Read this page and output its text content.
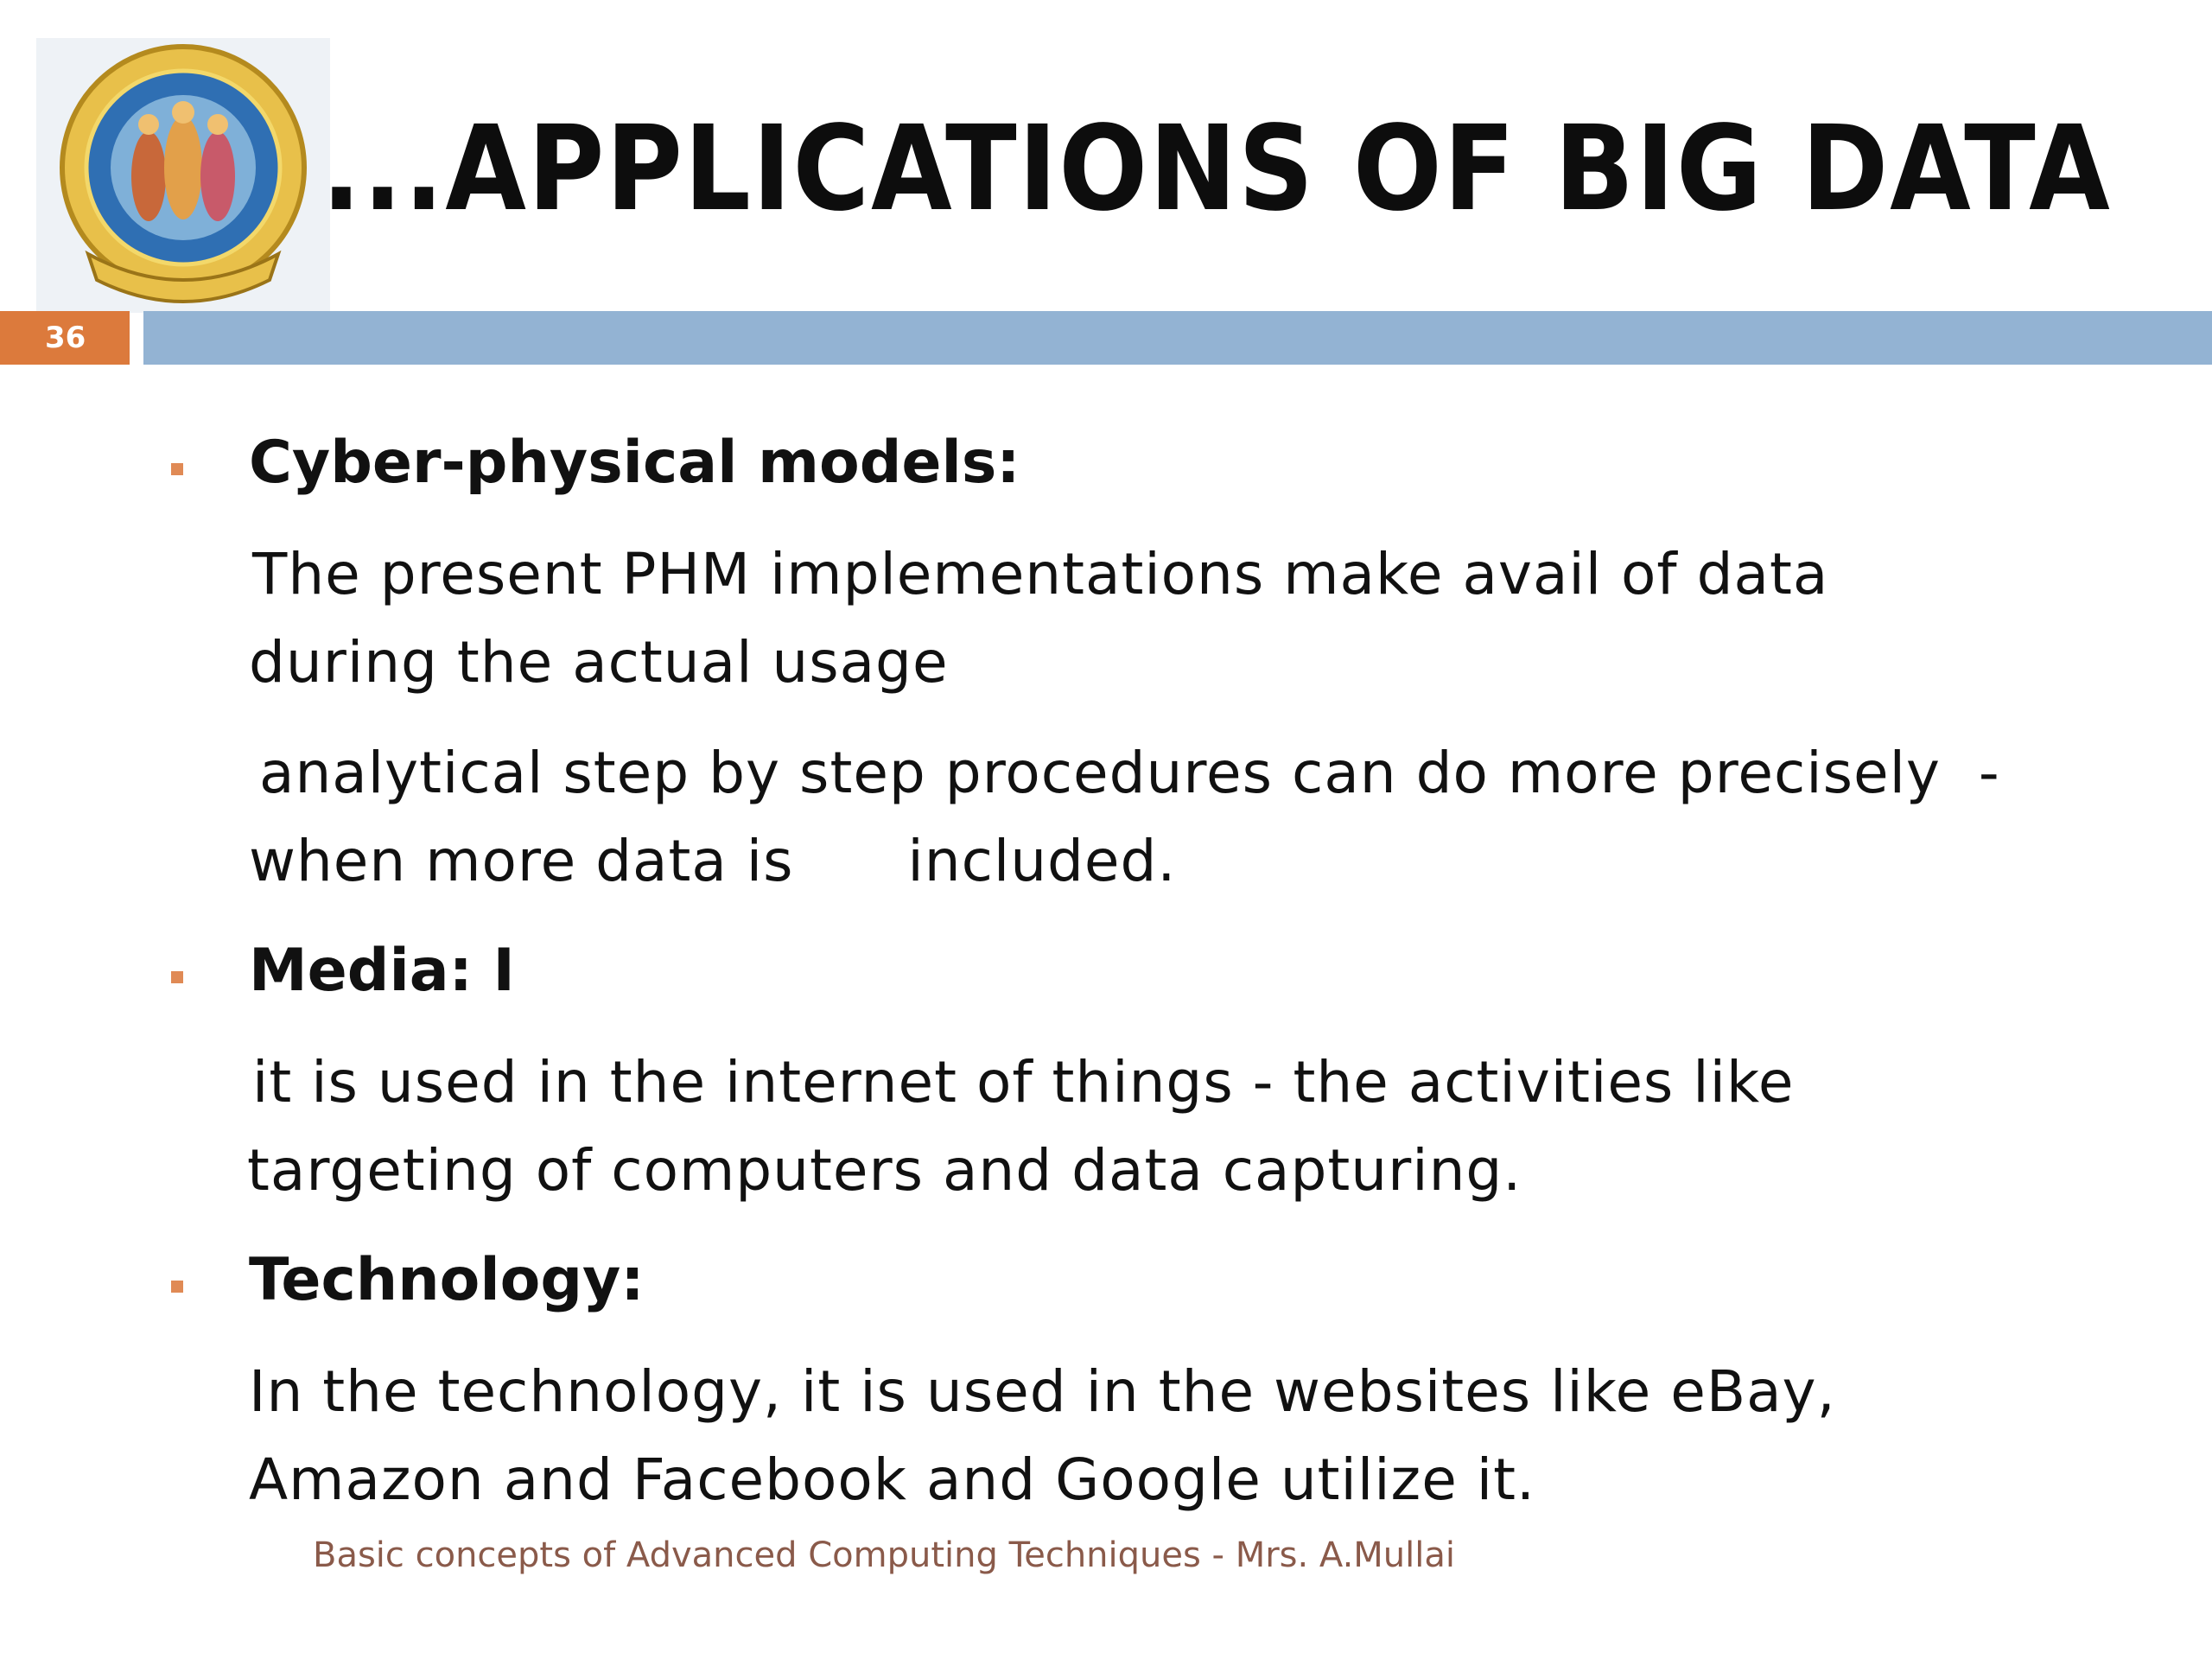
...APPLICATIONS OF BIG DATA
36
Cyber-physical models:
The present PHM implementations make avail of data
during the actual usage
analytical step by step procedures can do more precisely  -
when more data is      included.
Media: I
it is used in the internet of things - the activities like
targeting of computers and data capturing.
Technology:
In the technology, it is used in the websites like eBay,
Amazon and Facebook and Google utilize it.
Basic concepts of Advanced Computing Techniques - Mrs. A.Mullai
